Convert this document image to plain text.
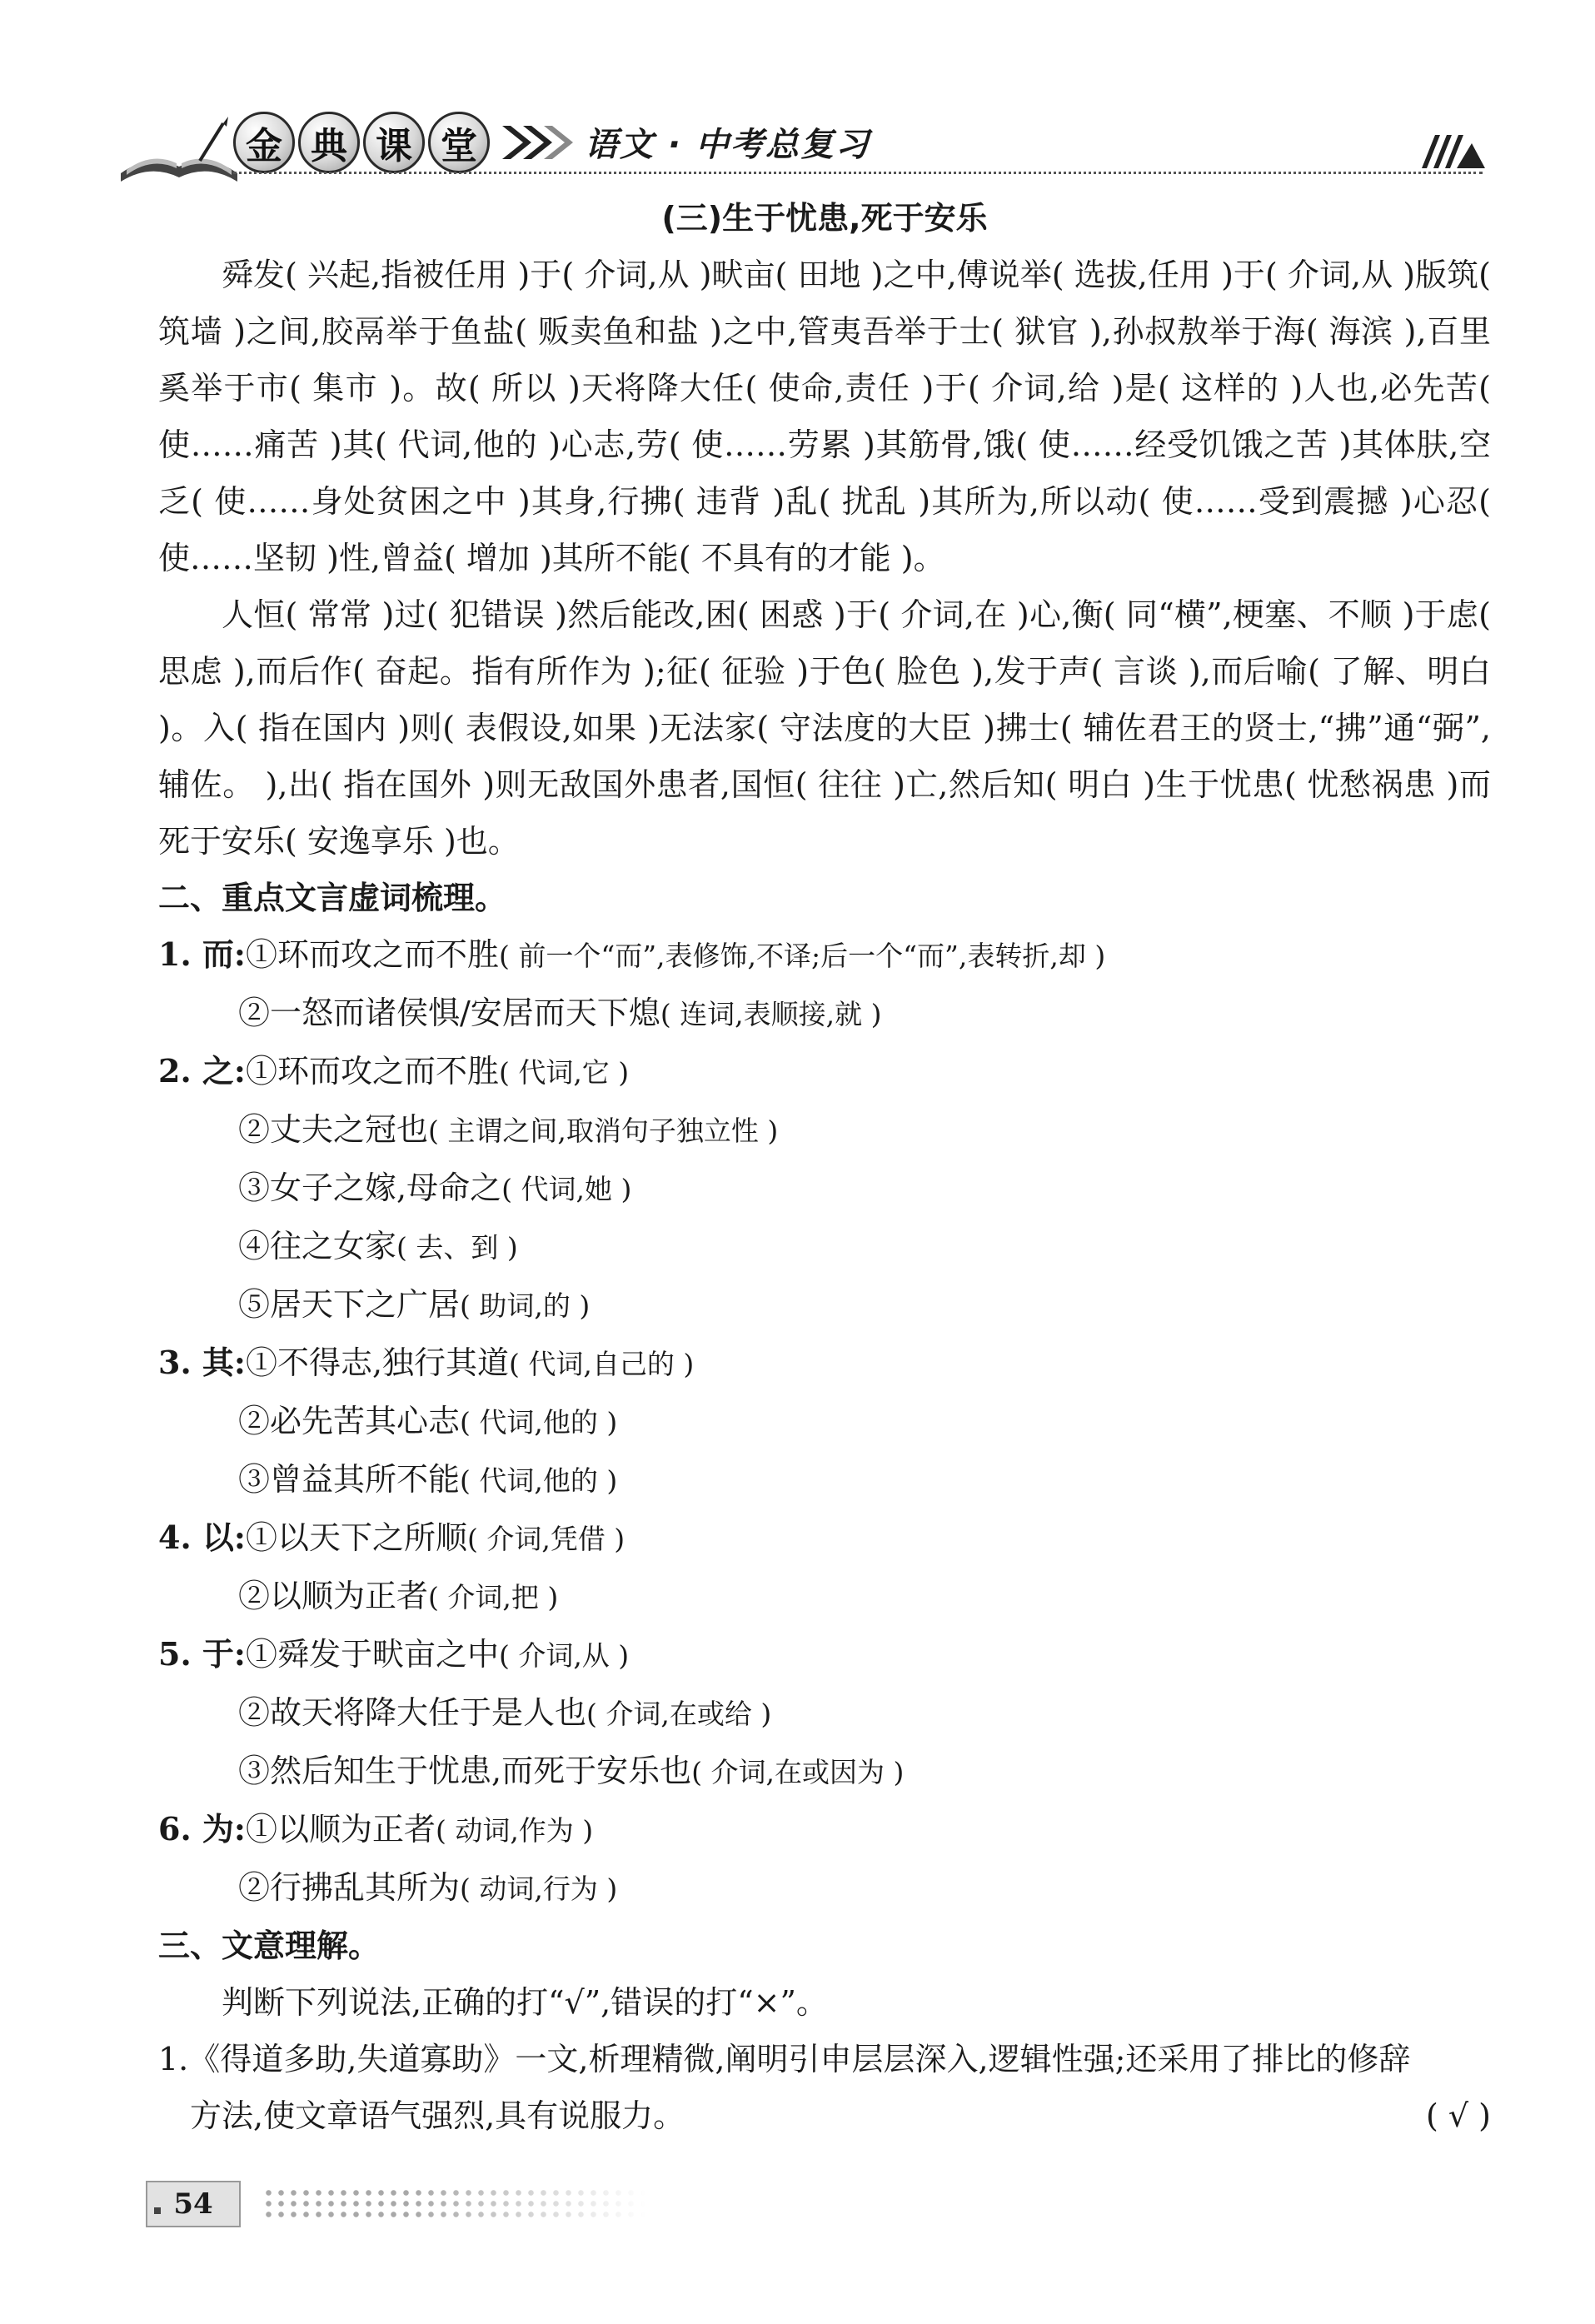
金 典 课 堂	语文 · 中考总复习
(三)生于忧患,死于安乐

舜发( 兴起,指被任用 )于( 介词,从 )畎亩( 田地 )之中,傅说举( 选拔,任用 )于( 介词,从 )版筑( 筑墙 )之间,胶鬲举于鱼盐( 贩卖鱼和盐 )之中,管夷吾举于士( 狱官 ),孙叔敖举于海( 海滨 ),百里奚举于市( 集市 )。故( 所以 )天将降大任( 使命,责任 )于( 介词,给 )是( 这样的 )人也,必先苦( 使……痛苦 )其( 代词,他的 )心志,劳( 使……劳累 )其筋骨,饿( 使……经受饥饿之苦 )其体肤,空乏( 使……身处贫困之中 )其身,行拂( 违背 )乱( 扰乱 )其所为,所以动( 使……受到震撼 )心忍( 使……坚韧 )性,曾益( 增加 )其所不能( 不具有的才能 )。

人恒( 常常 )过( 犯错误 )然后能改,困( 困惑 )于( 介词,在 )心,衡( 同“横”,梗塞、不顺 )于虑( 思虑 ),而后作( 奋起。指有所作为 );征( 征验 )于色( 脸色 ),发于声( 言谈 ),而后喻( 了解、明白 )。入( 指在国内 )则( 表假设,如果 )无法家( 守法度的大臣 )拂士( 辅佐君王的贤士,“拂”通“弼”,辅佐。 ),出( 指在国外 )则无敌国外患者,国恒( 往往 )亡,然后知( 明白 )生于忧患( 忧愁祸患 )而死于安乐( 安逸享乐 )也。

二、重点文言虚词梳理。

1. 而:①环而攻之而不胜( 前一个“而”,表修饰,不译;后一个“而”,表转折,却 )

②一怒而诸侯惧/安居而天下熄( 连词,表顺接,就 )

2. 之:①环而攻之而不胜( 代词,它 )

②丈夫之冠也( 主谓之间,取消句子独立性 )

③女子之嫁,母命之( 代词,她 )

④往之女家( 去、到 )

⑤居天下之广居( 助词,的 )

3. 其:①不得志,独行其道( 代词,自己的 )

②必先苦其心志( 代词,他的 )

③曾益其所不能( 代词,他的 )

4. 以:①以天下之所顺( 介词,凭借 )

②以顺为正者( 介词,把 )

5. 于:①舜发于畎亩之中( 介词,从 )

②故天将降大任于是人也( 介词,在或给 )

③然后知生于忧患,而死于安乐也( 介词,在或因为 )

6. 为:①以顺为正者( 动词,作为 )

②行拂乱其所为( 动词,行为 )

三、文意理解。

判断下列说法,正确的打“√”,错误的打“×”。

1.《得道多助,失道寡助》一文,析理精微,阐明引申层层深入,逻辑性强;还采用了排比的修辞

方法,使文章语气强烈,具有说服力。	( √ )
54
